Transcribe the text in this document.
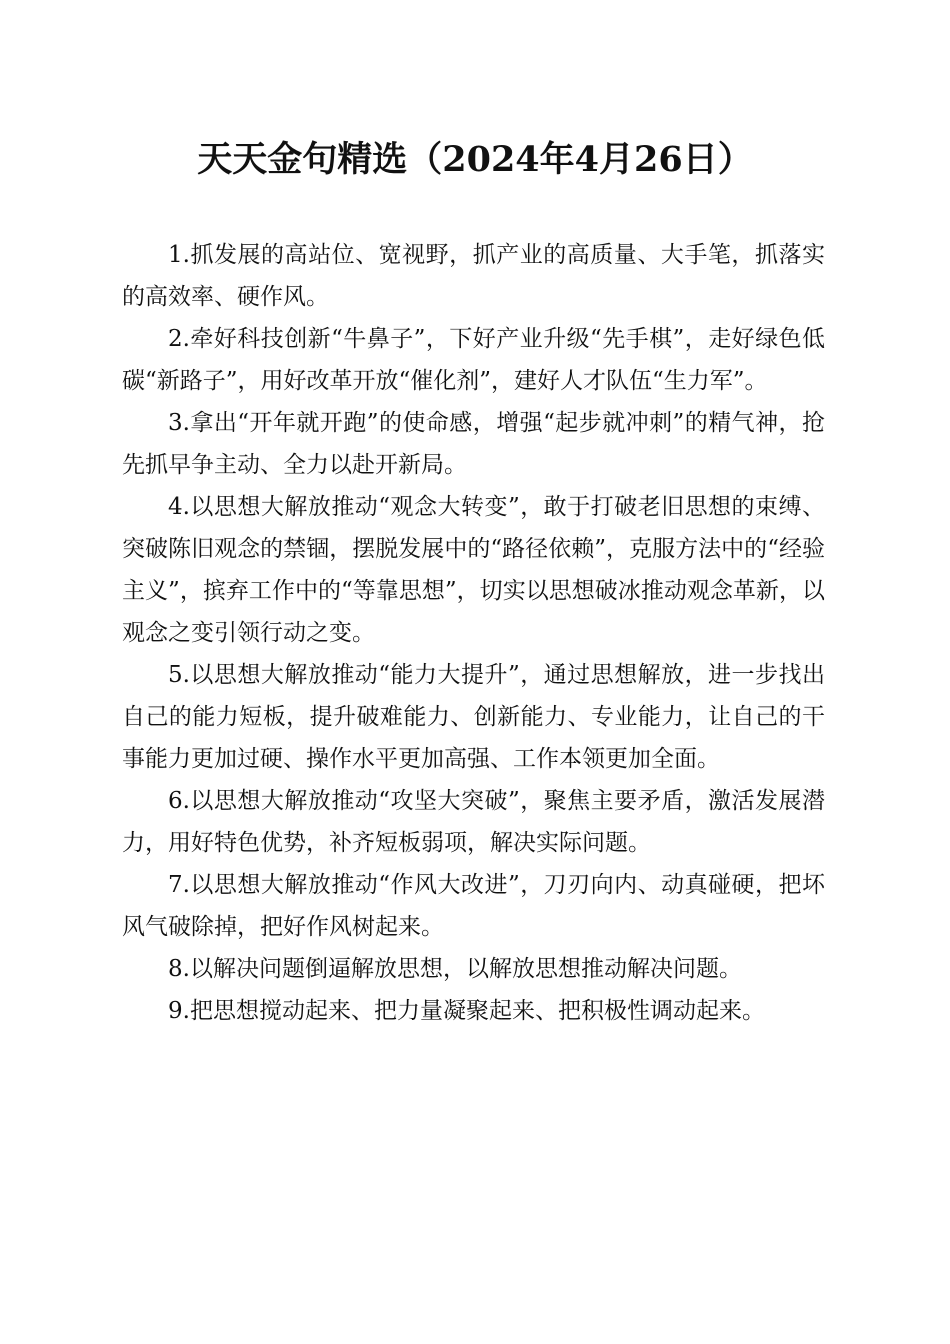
天天金句精选（2024年4月26日）

1.抓发展的高站位、宽视野，抓产业的高质量、大手笔，抓落实的高效率、硬作风。

2.牵好科技创新“牛鼻子”，下好产业升级“先手棋”，走好绿色低碳“新路子”，用好改革开放“催化剂”，建好人才队伍“生力军”。

3.拿出“开年就开跑”的使命感，增强“起步就冲刺”的精气神，抢先抓早争主动、全力以赴开新局。

4.以思想大解放推动“观念大转变”，敢于打破老旧思想的束缚、突破陈旧观念的禁锢，摆脱发展中的“路径依赖”，克服方法中的“经验主义”，摈弃工作中的“等靠思想”，切实以思想破冰推动观念革新，以观念之变引领行动之变。

5.以思想大解放推动“能力大提升”，通过思想解放，进一步找出自己的能力短板，提升破难能力、创新能力、专业能力，让自己的干事能力更加过硬、操作水平更加高强、工作本领更加全面。

6.以思想大解放推动“攻坚大突破”，聚焦主要矛盾，激活发展潜力，用好特色优势，补齐短板弱项，解决实际问题。

7.以思想大解放推动“作风大改进”，刀刃向内、动真碰硬，把坏风气破除掉，把好作风树起来。

8.以解决问题倒逼解放思想，以解放思想推动解决问题。

9.把思想搅动起来、把力量凝聚起来、把积极性调动起来。
